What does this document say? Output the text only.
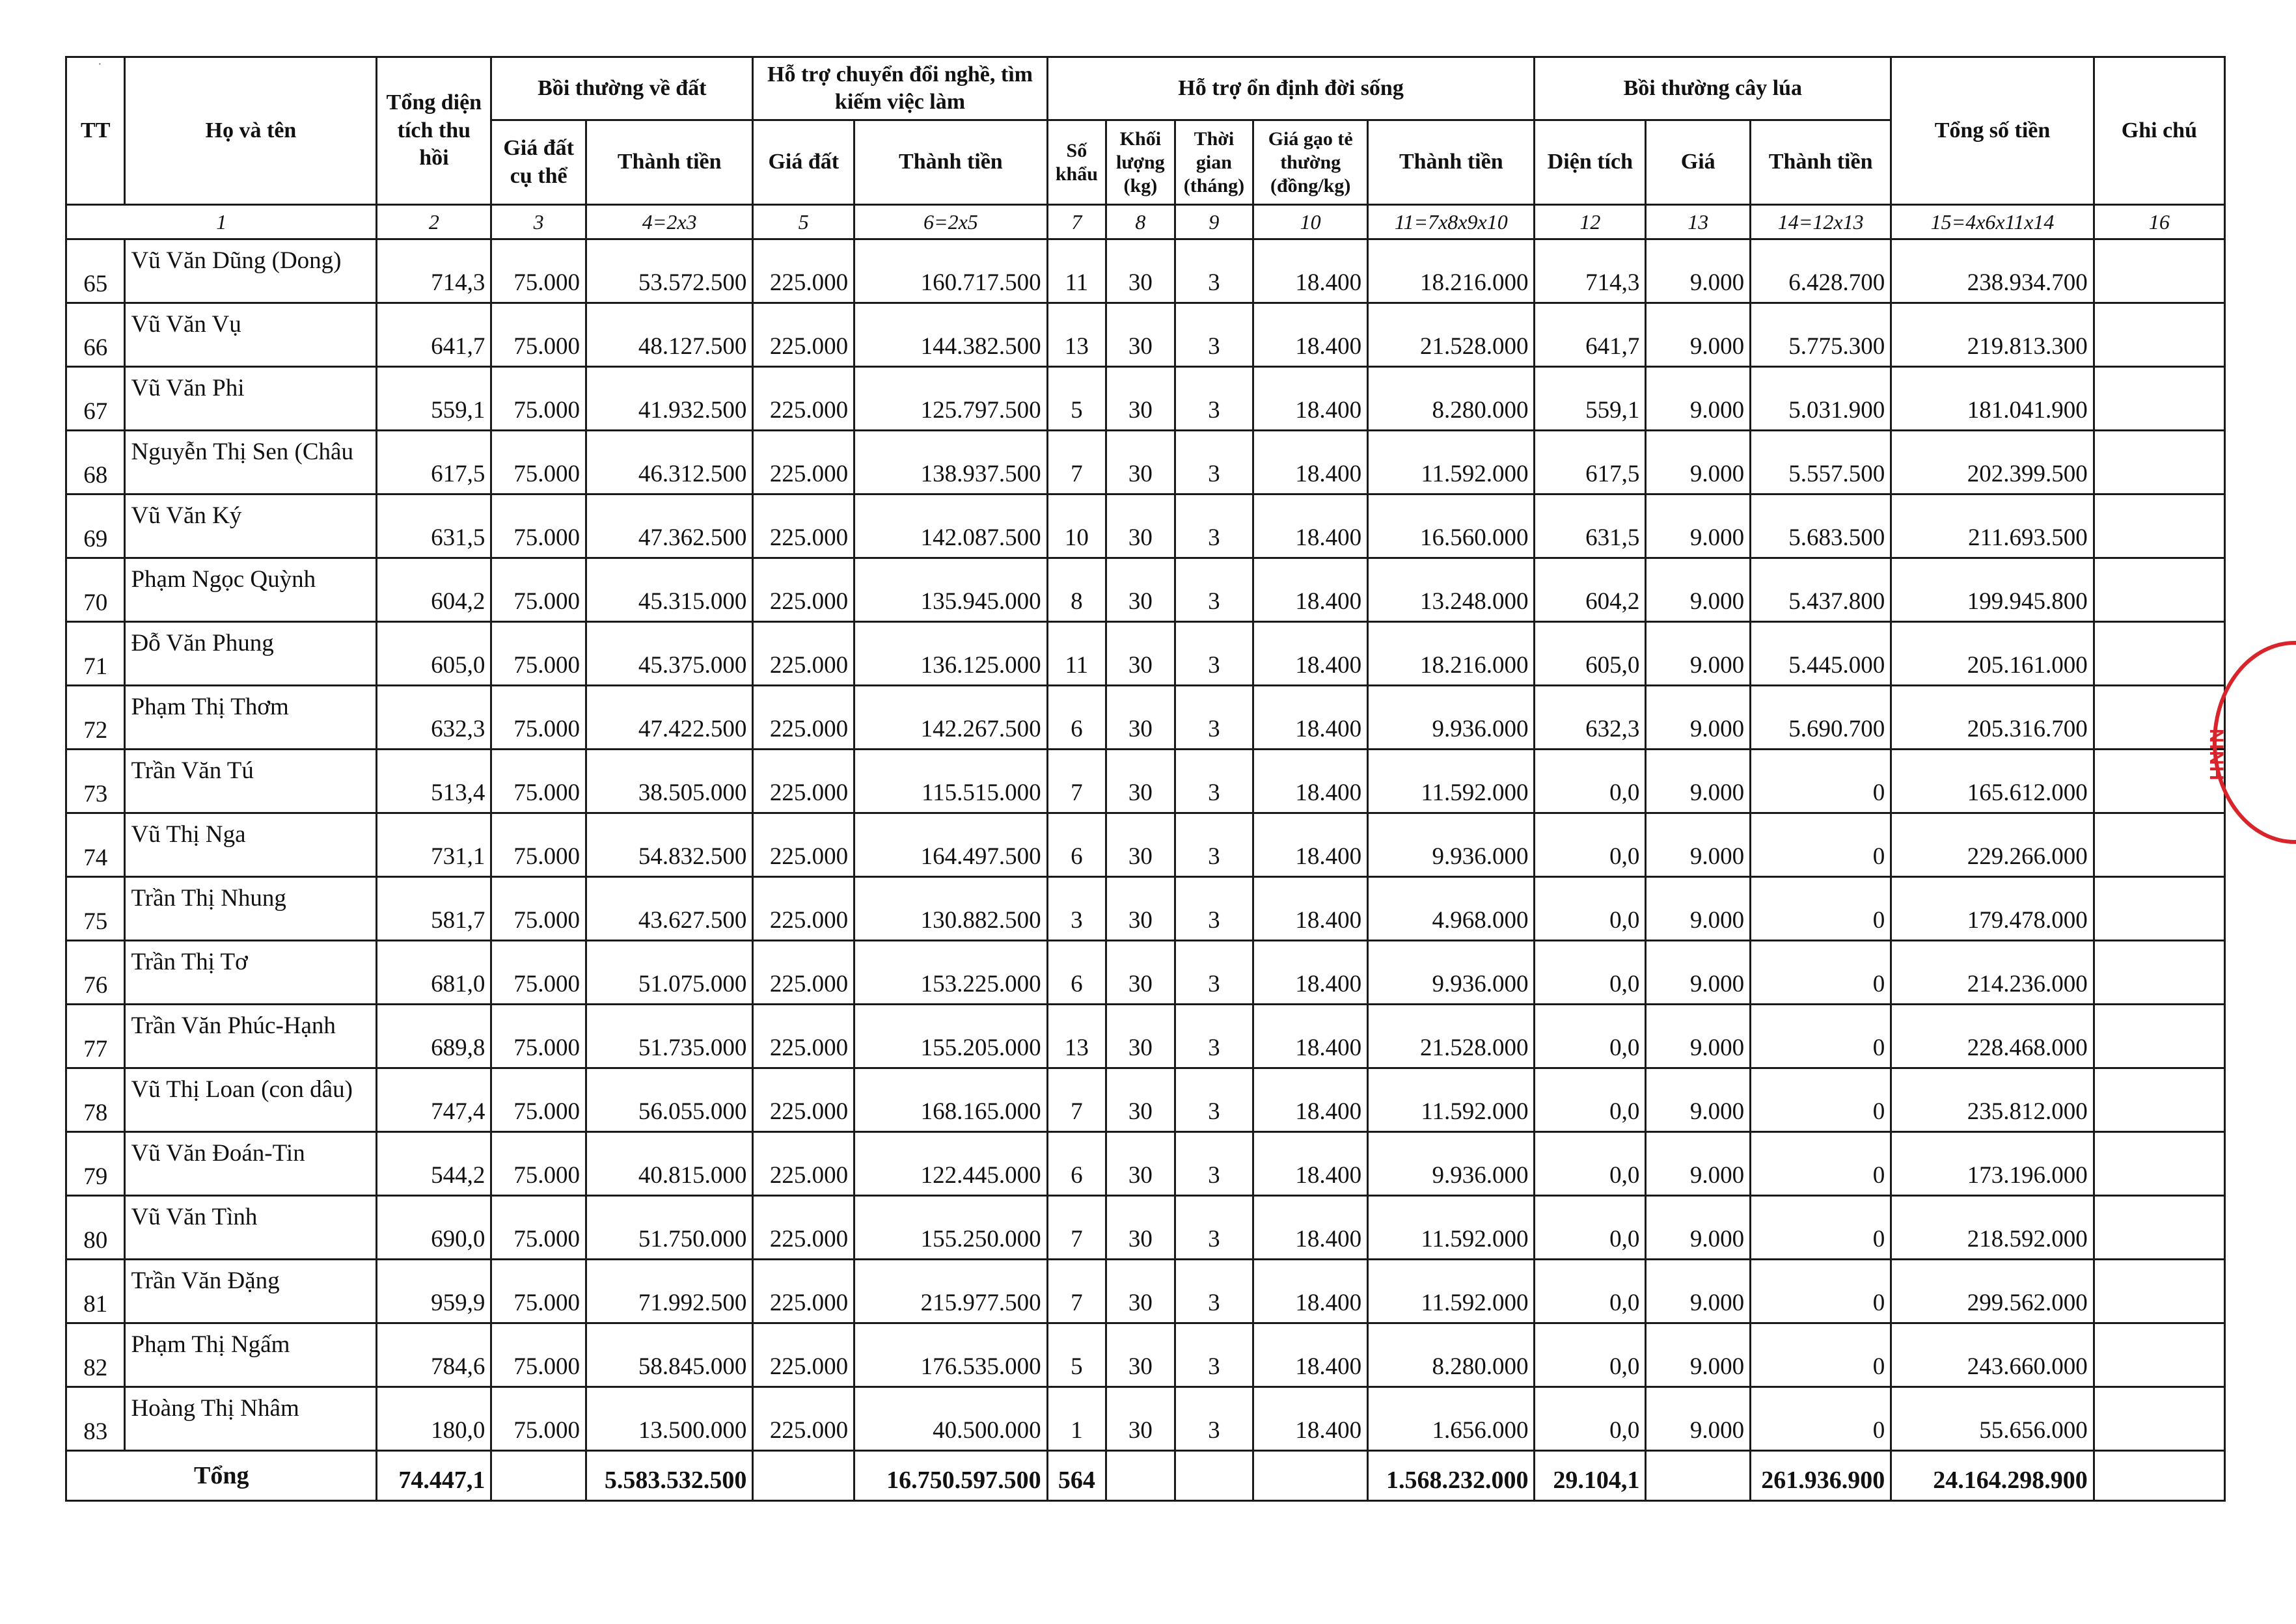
TT	Họ và tên	Tổng diện tích thu hồi	Bồi thường về đất		Hỗ trợ chuyển đổi nghề, tìm kiếm việc làm		Hỗ trợ ổn định đời sống					Bồi thường cây lúa			Tổng số tiền	Ghi chú
			Giá đất cụ thể	Thành tiền	Giá đất	Thành tiền	Số khẩu	Khối lượng (kg)	Thời gian (tháng)	Giá gạo tẻ thường (đồng/kg)	Thành tiền	Diện tích	Giá	Thành tiền		
1		2	3	4=2x3	5	6=2x5	7	8	9	10	11=7x8x9x10	12	13	14=12x13	15=4x6x11x14	16
65	Vũ Văn Dũng (Dong)	714,3	75.000	53.572.500	225.000	160.717.500	11	30	3	18.400	18.216.000	714,3	9.000	6.428.700	238.934.700	
66	Vũ Văn Vụ	641,7	75.000	48.127.500	225.000	144.382.500	13	30	3	18.400	21.528.000	641,7	9.000	5.775.300	219.813.300	
67	Vũ Văn Phi	559,1	75.000	41.932.500	225.000	125.797.500	5	30	3	18.400	8.280.000	559,1	9.000	5.031.900	181.041.900	
68	Nguyễn Thị Sen (Châu	617,5	75.000	46.312.500	225.000	138.937.500	7	30	3	18.400	11.592.000	617,5	9.000	5.557.500	202.399.500	
69	Vũ Văn Ký	631,5	75.000	47.362.500	225.000	142.087.500	10	30	3	18.400	16.560.000	631,5	9.000	5.683.500	211.693.500	
70	Phạm Ngọc Quỳnh	604,2	75.000	45.315.000	225.000	135.945.000	8	30	3	18.400	13.248.000	604,2	9.000	5.437.800	199.945.800	
71	Đỗ Văn Phung	605,0	75.000	45.375.000	225.000	136.125.000	11	30	3	18.400	18.216.000	605,0	9.000	5.445.000	205.161.000	
72	Phạm Thị Thơm	632,3	75.000	47.422.500	225.000	142.267.500	6	30	3	18.400	9.936.000	632,3	9.000	5.690.700	205.316.700	
73	Trần Văn Tú	513,4	75.000	38.505.000	225.000	115.515.000	7	30	3	18.400	11.592.000	0,0	9.000	0	165.612.000	
74	Vũ Thị Nga	731,1	75.000	54.832.500	225.000	164.497.500	6	30	3	18.400	9.936.000	0,0	9.000	0	229.266.000	
75	Trần Thị Nhung	581,7	75.000	43.627.500	225.000	130.882.500	3	30	3	18.400	4.968.000	0,0	9.000	0	179.478.000	
76	Trần Thị Tơ	681,0	75.000	51.075.000	225.000	153.225.000	6	30	3	18.400	9.936.000	0,0	9.000	0	214.236.000	
77	Trần Văn Phúc-Hạnh	689,8	75.000	51.735.000	225.000	155.205.000	13	30	3	18.400	21.528.000	0,0	9.000	0	228.468.000	
78	Vũ Thị Loan (con dâu)	747,4	75.000	56.055.000	225.000	168.165.000	7	30	3	18.400	11.592.000	0,0	9.000	0	235.812.000	
79	Vũ Văn Đoán-Tin	544,2	75.000	40.815.000	225.000	122.445.000	6	30	3	18.400	9.936.000	0,0	9.000	0	173.196.000	
80	Vũ Văn Tình	690,0	75.000	51.750.000	225.000	155.250.000	7	30	3	18.400	11.592.000	0,0	9.000	0	218.592.000	
81	Trần Văn Đặng	959,9	75.000	71.992.500	225.000	215.977.500	7	30	3	18.400	11.592.000	0,0	9.000	0	299.562.000	
82	Phạm Thị Ngấm	784,6	75.000	58.845.000	225.000	176.535.000	5	30	3	18.400	8.280.000	0,0	9.000	0	243.660.000	
83	Hoàng Thị Nhâm	180,0	75.000	13.500.000	225.000	40.500.000	1	30	3	18.400	1.656.000	0,0	9.000	0	55.656.000	
Tổng		74.447,1		5.583.532.500		16.750.597.500	564				1.568.232.000	29.104,1		261.936.900	24.164.298.900	
NINH
·
